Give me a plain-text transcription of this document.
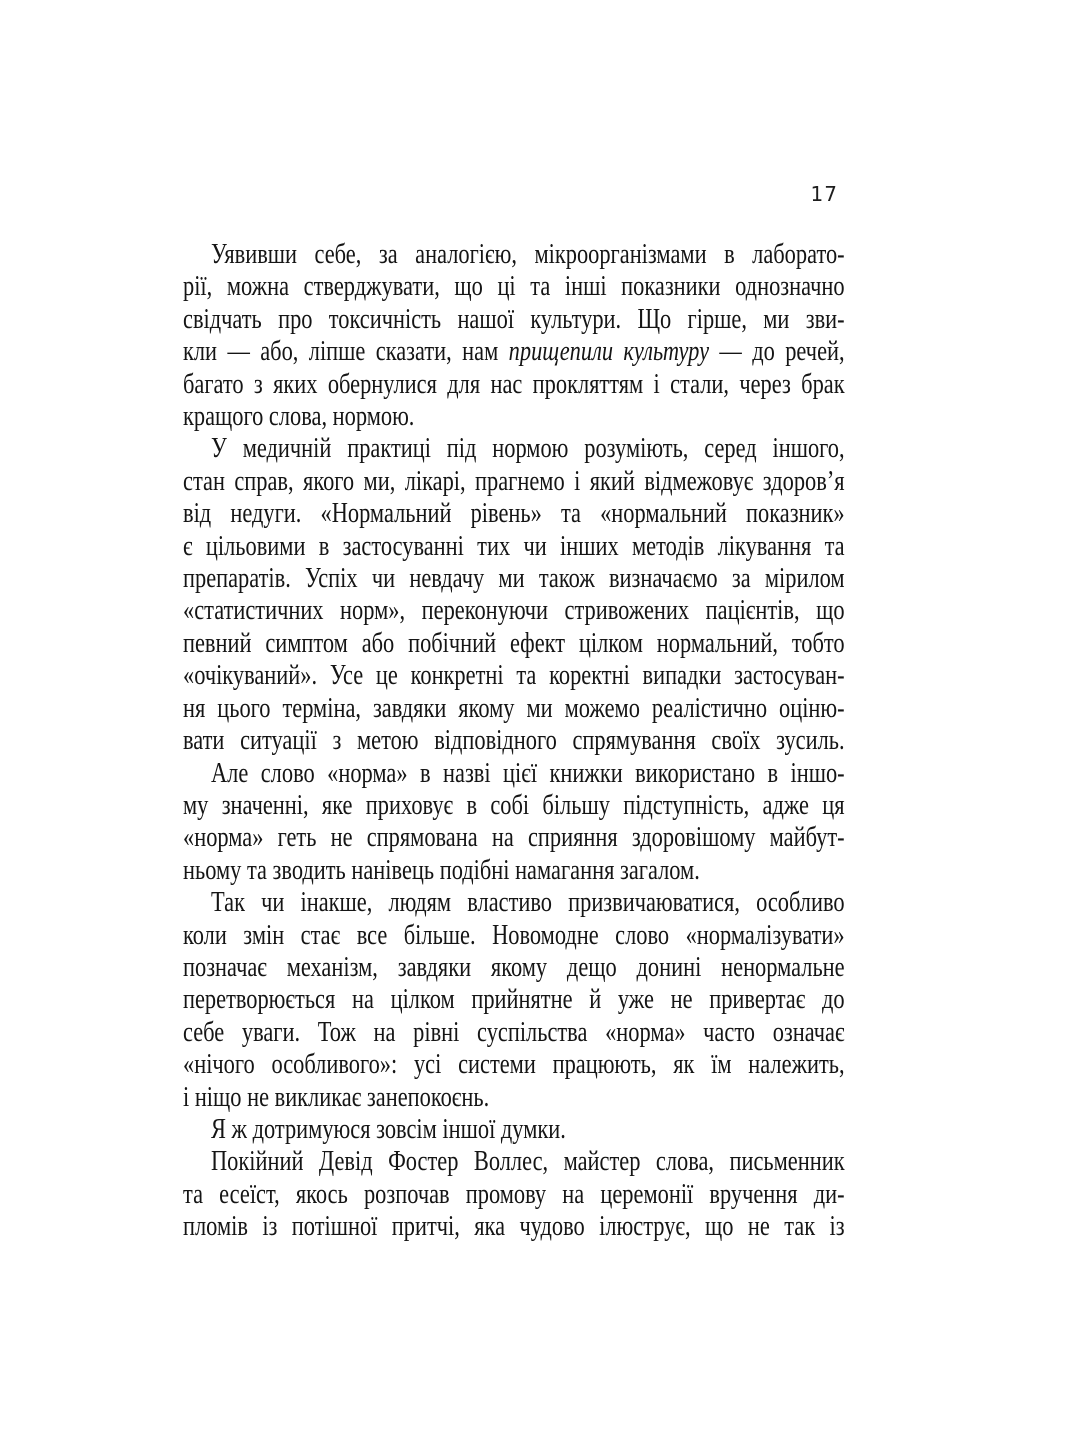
17
Уявивши себе, за аналогією, мікроорганізмами в лаборато-
рії, можна стверджувати, що ці та інші показники однозначно
свідчать про токсичність нашої культури. Що гірше, ми зви-
кли — або, ліпше сказати, нам прищепили культуру — до речей,
багато з яких обернулися для нас прокляттям і стали, через брак
кращого слова, нормою.
У медичній практиці під нормою розуміють, серед іншого,
стан справ, якого ми, лікарі, прагнемо і який відмежовує здоров’я
від недуги. «Нормальний рівень» та «нормальний показник»
є цільовими в застосуванні тих чи інших методів лікування та
препаратів. Успіх чи невдачу ми також визначаємо за мірилом
«статистичних норм», переконуючи стривожених пацієнтів, що
певний симптом або побічний ефект цілком нормальний, тобто
«очікуваний». Усе це конкретні та коректні випадки застосуван-
ня цього терміна, завдяки якому ми можемо реалістично оціню-
вати ситуації з метою відповідного спрямування своїх зусиль.
Але слово «норма» в назві цієї книжки використано в іншо-
му значенні, яке приховує в собі більшу підступність, адже ця
«норма» геть не спрямована на сприяння здоровішому майбут-
ньому та зводить нанівець подібні намагання загалом.
Так чи інакше, людям властиво призвичаюватися, особливо
коли змін стає все більше. Новомодне слово «нормалізувати»
позначає механізм, завдяки якому дещо донині ненормальне
перетворюється на цілком прийнятне й уже не привертає до
себе уваги. Тож на рівні суспільства «норма» часто означає
«нічого особливого»: усі системи працюють, як їм належить,
і ніщо не викликає занепокоєнь.
Я ж дотримуюся зовсім іншої думки.
Покійний Девід Фостер Воллес, майстер слова, письменник
та есеїст, якось розпочав промову на церемонії вручення ди-
пломів із потішної притчі, яка чудово ілюструє, що не так із
